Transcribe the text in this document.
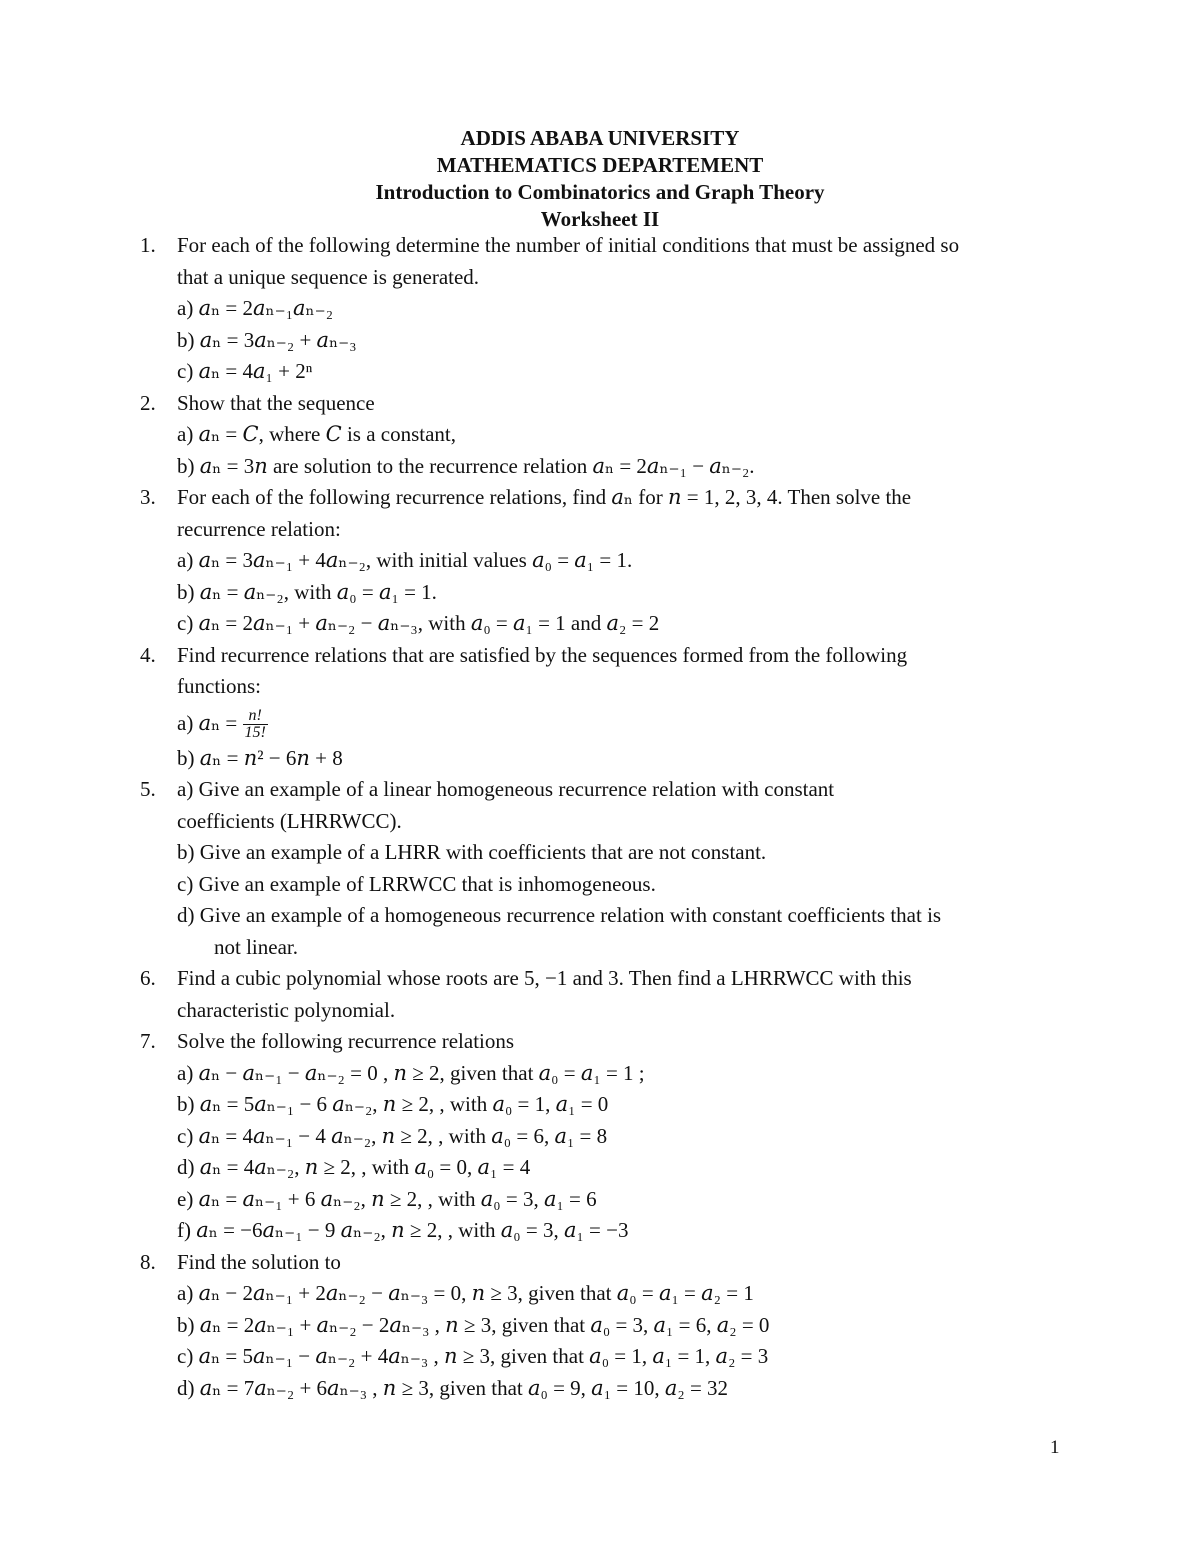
ADDIS ABABA UNIVERSITY
MATHEMATICS DEPARTEMENT
Introduction to Combinatorics and Graph Theory
Worksheet II
1.	For each of the following determine the number of initial conditions that must be assigned so
that a unique sequence is generated.
a) 𝑎ₙ = 2𝑎ₙ₋₁𝑎ₙ₋₂
b) 𝑎ₙ = 3𝑎ₙ₋₂ + 𝑎ₙ₋₃
c) 𝑎ₙ = 4𝑎₁ + 2ⁿ
2.	Show that the sequence
a) 𝑎ₙ = 𝐶, where 𝐶 is a constant,
b) 𝑎ₙ = 3𝑛 are solution to the recurrence relation 𝑎ₙ = 2𝑎ₙ₋₁ − 𝑎ₙ₋₂.
3.	For each of the following recurrence relations, find 𝑎ₙ for 𝑛 = 1, 2, 3, 4. Then solve the
recurrence relation:
a) 𝑎ₙ = 3𝑎ₙ₋₁ + 4𝑎ₙ₋₂, with initial values 𝑎₀ = 𝑎₁ = 1.
b) 𝑎ₙ = 𝑎ₙ₋₂, with 𝑎₀ = 𝑎₁ = 1.
c) 𝑎ₙ = 2𝑎ₙ₋₁ + 𝑎ₙ₋₂ − 𝑎ₙ₋₃, with 𝑎₀ = 𝑎₁ = 1 and 𝑎₂ = 2
4.	Find recurrence relations that are satisfied by the sequences formed from the following
functions:
a) 𝑎ₙ = $\frac{n!}{15!}$
b) 𝑎ₙ = 𝑛² − 6𝑛 + 8
5.	a) Give an example of a linear homogeneous recurrence relation with constant
coefficients (LHRRWCC).
b) Give an example of a LHRR with coefficients that are not constant.
c) Give an example of LRRWCC that is inhomogeneous.
d) Give an example of a homogeneous recurrence relation with constant coefficients that is
not linear.
6.	Find a cubic polynomial whose roots are 5, −1 and 3. Then find a LHRRWCC with this
characteristic polynomial.
7.	Solve the following recurrence relations
a) 𝑎ₙ − 𝑎ₙ₋₁ − 𝑎ₙ₋₂ = 0 , 𝑛 ≥ 2, given that 𝑎₀ = 𝑎₁ = 1 ;
b) 𝑎ₙ = 5𝑎ₙ₋₁ − 6 𝑎ₙ₋₂, 𝑛 ≥ 2, , with 𝑎₀ = 1, 𝑎₁ = 0
c) 𝑎ₙ = 4𝑎ₙ₋₁ − 4 𝑎ₙ₋₂, 𝑛 ≥ 2, , with 𝑎₀ = 6, 𝑎₁ = 8
d) 𝑎ₙ = 4𝑎ₙ₋₂, 𝑛 ≥ 2, , with 𝑎₀ = 0, 𝑎₁ = 4
e) 𝑎ₙ = 𝑎ₙ₋₁ + 6 𝑎ₙ₋₂, 𝑛 ≥ 2, , with 𝑎₀ = 3, 𝑎₁ = 6
f) 𝑎ₙ = −6𝑎ₙ₋₁ − 9 𝑎ₙ₋₂, 𝑛 ≥ 2, , with 𝑎₀ = 3, 𝑎₁ = −3
8.	Find the solution to
a) 𝑎ₙ − 2𝑎ₙ₋₁ + 2𝑎ₙ₋₂ − 𝑎ₙ₋₃ = 0, 𝑛 ≥ 3, given that 𝑎₀ = 𝑎₁ = 𝑎₂ = 1
b) 𝑎ₙ = 2𝑎ₙ₋₁ + 𝑎ₙ₋₂ − 2𝑎ₙ₋₃ , 𝑛 ≥ 3, given that 𝑎₀ = 3, 𝑎₁ = 6, 𝑎₂ = 0
c) 𝑎ₙ = 5𝑎ₙ₋₁ − 𝑎ₙ₋₂ + 4𝑎ₙ₋₃ , 𝑛 ≥ 3, given that 𝑎₀ = 1, 𝑎₁ = 1, 𝑎₂ = 3
d) 𝑎ₙ = 7𝑎ₙ₋₂ + 6𝑎ₙ₋₃ , 𝑛 ≥ 3, given that 𝑎₀ = 9, 𝑎₁ = 10, 𝑎₂ = 32
1
